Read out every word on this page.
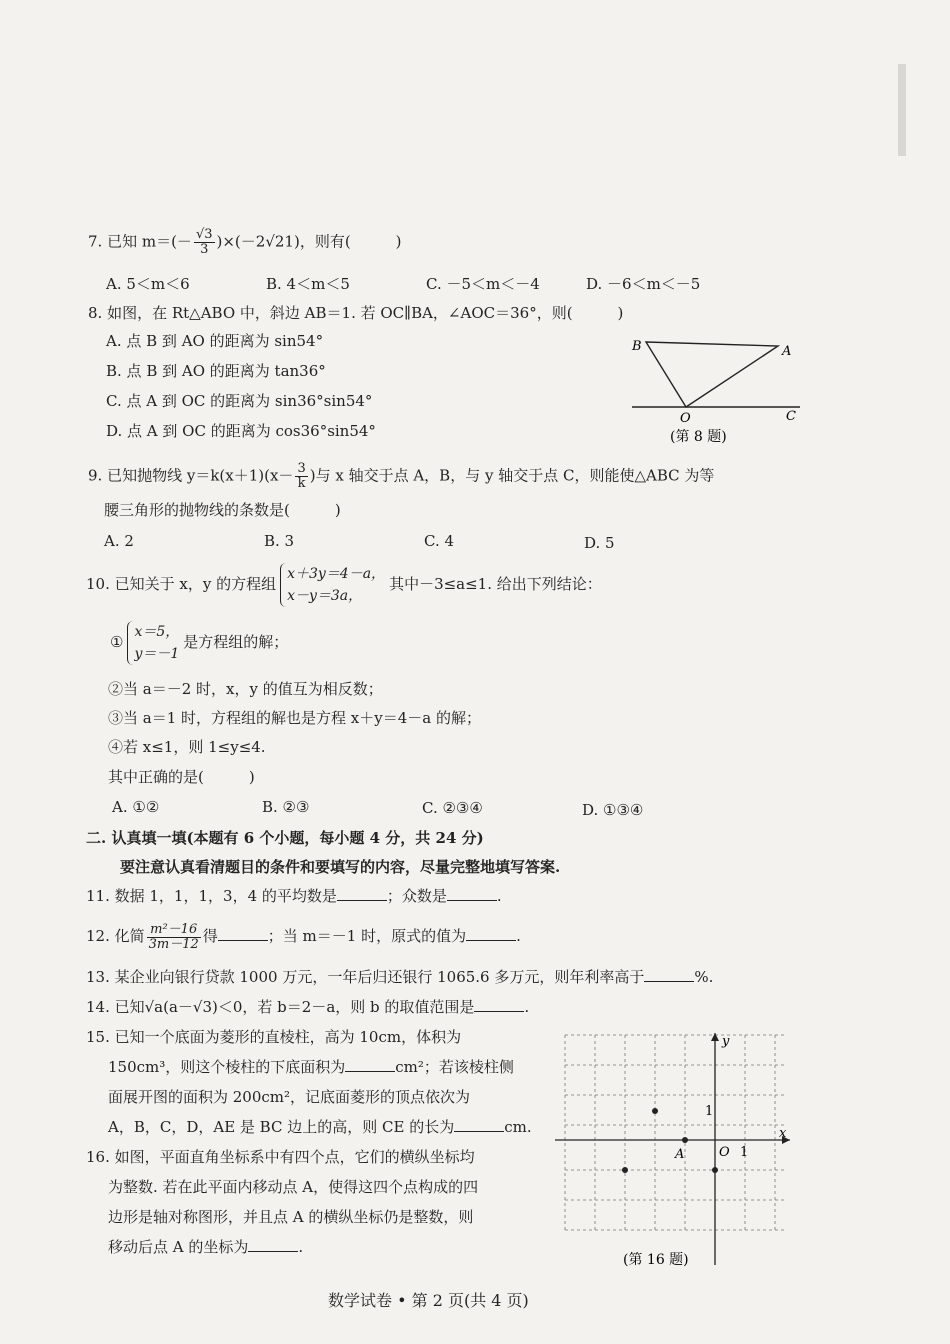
7. 已知 $m=(- \frac{√3}{3} )\times(-2√21)$，则有(　　　)
A. 5＜m＜6	B. 4＜m＜5	C. －5＜m＜－4	D. －6＜m＜－5
8. 如图，在 Rt△ABO 中，斜边 AB＝1. 若 OC∥BA，∠AOC＝36°，则(　　　)
A. 点 B 到 AO 的距离为 sin54°
B. 点 B 到 AO 的距离为 tan36°
C. 点 A 到 OC 的距离为 sin36°sin54°
D. 点 A 到 OC 的距离为 cos36°sin54°
B	A
O	C
(第 8 题)
9. 已知抛物线 $y=k(x+1)(x- \frac{3}{k}$ )与 x 轴交于点 A，B，与 y 轴交于点 C，则能使△ABC 为等
腰三角形的抛物线的条数是(　　　)
A. 2	B. 3	C. 4	D. 5
10. 已知关于 x，y 的方程组
x＋3y＝4－a，
x－y＝3a，
其中－3≤a≤1. 给出下列结论：
①
x＝5，
y＝－1
是方程组的解；
②当 a＝－2 时，x，y 的值互为相反数；
③当 a＝1 时，方程组的解也是方程 x＋y＝4－a 的解；
④若 x≤1，则 1≤y≤4.
其中正确的是(　　　)
A. ①②	B. ②③	C. ②③④	D. ①③④
二. 认真填一填(本题有 6 个小题，每小题 4 分，共 24 分)
要注意认真看清题目的条件和要填写的内容，尽量完整地填写答案.
11. 数据 1，1，1，3，4 的平均数是	；众数是	.
12. 化简 $\frac{\text{m²－16}}{3m-12}$ 得	；当 m＝－1 时，原式的值为	.
13. 某企业向银行贷款 1000 万元，一年后归还银行 1065.6 多万元，则年利率高于	%.
14. 已知√a(a－√3)＜0，若 b＝2－a，则 b 的取值范围是	.
15. 已知一个底面为菱形的直棱柱，高为 10cm，体积为
150cm³，则这个棱柱的下底面积为	cm²；若该棱柱侧
面展开图的面积为 200cm²，记底面菱形的顶点依次为
A，B，C，D，AE 是 BC 边上的高，则 CE 的长为	cm.
16. 如图，平面直角坐标系中有四个点，它们的横纵坐标均
为整数. 若在此平面内移动点 A，使得这四个点构成的四
边形是轴对称图形，并且点 A 的横纵坐标仍是整数，则
移动后点 A 的坐标为	.
x
y
O 1
1
A
(第 16 题)
数学试卷 • 第 2 页(共 4 页)
